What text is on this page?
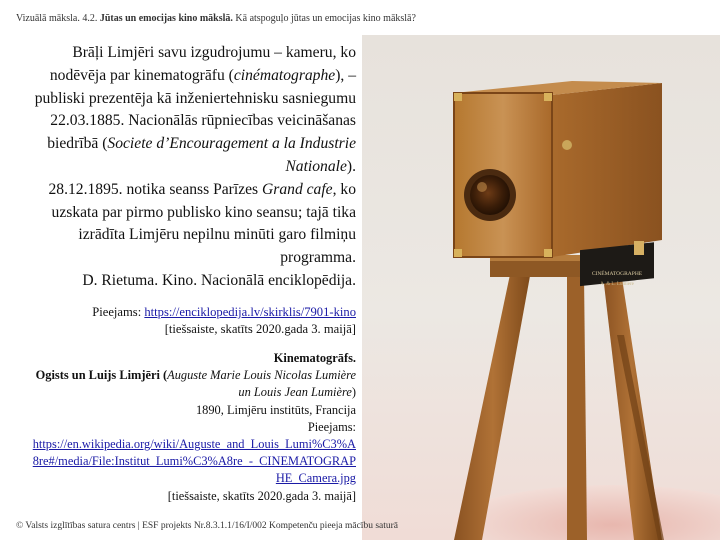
Vizuālā māksla. 4.2. Jūtas un emocijas kino mākslā. Kā atspoguļo jūtas un emocijas kino mākslā?

Brāļi Limjēri savu izgudrojumu – kameru, ko nodēvēja par kinematogrāfu (cinématographe), – publiski prezentēja kā inženiertehnisku sasniegumu 22.03.1885. Nacionālās rūpniecības veicināšanas biedrībā (Societe d’Encouragement a la Industrie Nationale).

28.12.1895. notika seanss Parīzes Grand cafe, ko uzskata par pirmo publisko kino seansu; tajā tika izrādīta Limjēru nepilnu minūti garo filmiņu programma.

D. Rietuma. Kino. Nacionālā enciklopēdija.

Pieejams: https://enciklopedija.lv/skirklis/7901-kino

[tiešsaiste, skatīts 2020.gada 3. maijā]

Kinematogrāfs.

Ogists un Luijs Limjēri (Auguste Marie Louis Nicolas Lumière un Louis Jean Lumière)

1890, Limjēru institūts, Francija

Pieejams:

https://en.wikipedia.org/wiki/Auguste_and_Louis_Lumi%C3%A8re#/media/File:Institut_Lumi%C3%A8re_-_CINEMATOGRAPHE_Camera.jpg

[tiešsaiste, skatīts 2020.gada 3. maijā]

CINÉMATOGRAPHE
A. & L. Lumière
© Valsts izglītības satura centrs | ESF projekts Nr.8.3.1.1/16/I/002 Kompetenču pieeja mācību saturā
